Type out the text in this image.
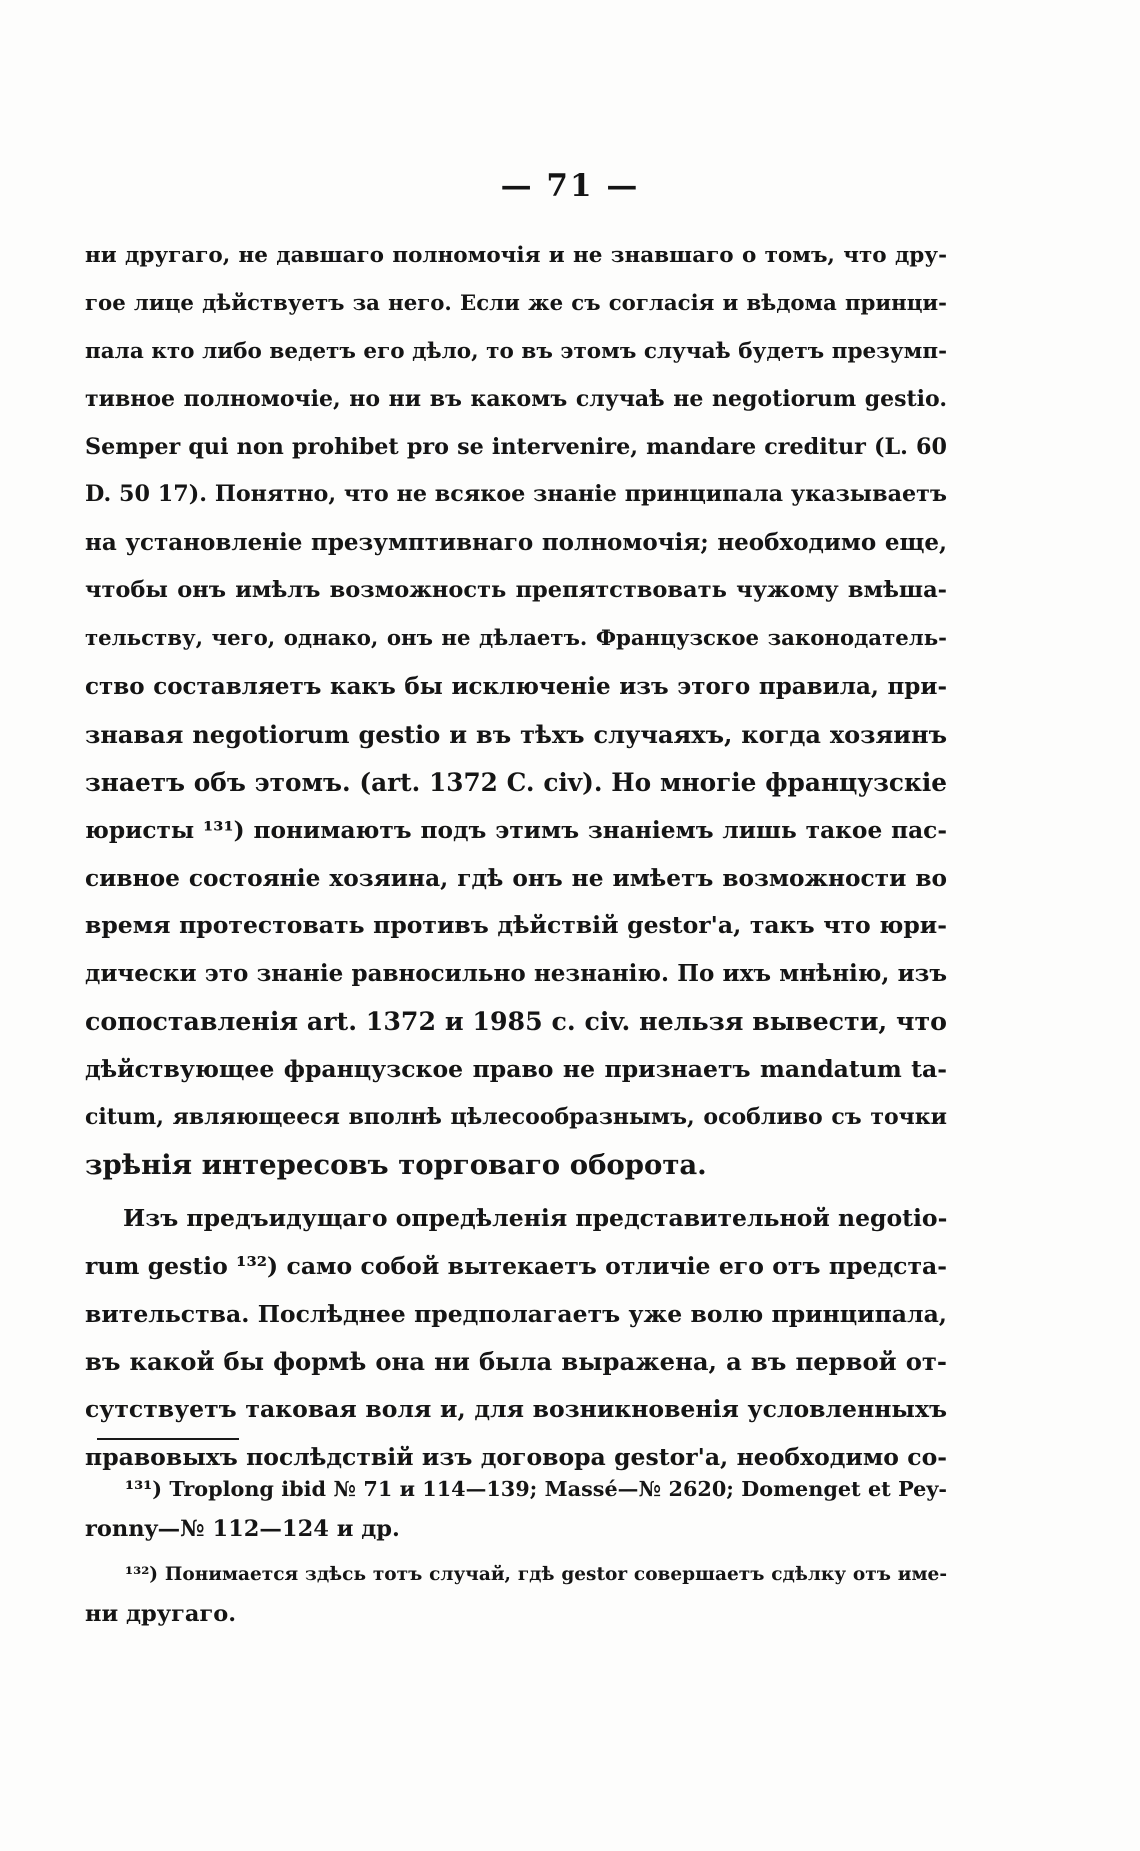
— 71 —
ни другаго, не давшаго полномочія и не знавшаго о томъ, что дру-
гое лице дѣйствуетъ за него. Если же съ согласія и вѣдома принци-
пала кто либо ведетъ его дѣло, то въ этомъ случаѣ будетъ презумп-
тивное полномочіе, но ни въ какомъ случаѣ не negotiorum gestio.
Semper qui non prohibet pro se intervenire, mandare creditur (L. 60
D. 50 17). Понятно, что не всякое знаніе принципала указываетъ
на установленіе презумптивнаго полномочія; необходимо еще,
чтобы онъ имѣлъ возможность препятствовать чужому вмѣша-
тельству, чего, однако, онъ не дѣлаетъ. Французское законодатель-
ство составляетъ какъ бы исключеніе изъ этого правила, при-
знавая negotiorum gestio и въ тѣхъ случаяхъ, когда хозяинъ
знаетъ объ этомъ. (art. 1372 C. civ). Но многіе французскіе
юристы ¹³¹) понимаютъ подъ этимъ знаніемъ лишь такое пас-
сивное состояніе хозяина, гдѣ онъ не имѣетъ возможности во
время протестовать противъ дѣйствій gestor'а, такъ что юри-
дически это знаніе равносильно незнанію. По ихъ мнѣнію, изъ
сопоставленія art. 1372 и 1985 c. civ. нельзя вывести, что
дѣйствующее французское право не признаетъ mandatum ta-
citum, являющееся вполнѣ цѣлесообразнымъ, особливо съ точки
зрѣнія интересовъ торговаго оборота.
Изъ предъидущаго опредѣленія представительной negotio-
rum gestio ¹³²) само собой вытекаетъ отличіе его отъ предста-
вительства. Послѣднее предполагаетъ уже волю принципала,
въ какой бы формѣ она ни была выражена, а въ первой от-
сутствуетъ таковая воля и, для возникновенія условленныхъ
правовыхъ послѣдствій изъ договора gestor'а, необходимо со-
¹³¹) Troplong ibid № 71 и 114—139; Massé—№ 2620; Domenget et Pey-
ronny—№ 112—124 и др.
¹³²) Понимается здѣсь тотъ случай, гдѣ gestor совершаетъ сдѣлку отъ име-
ни другаго.
